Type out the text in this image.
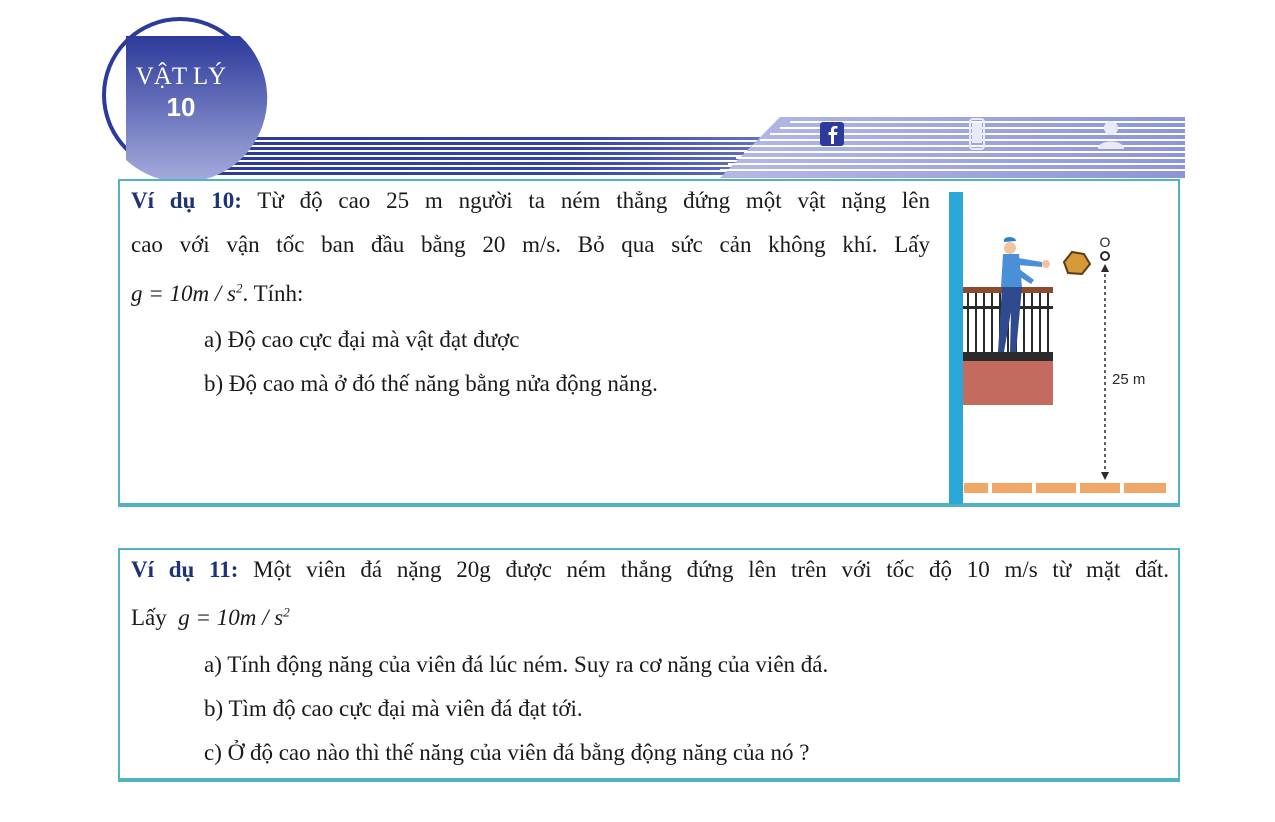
VẬT LÝ
10

Ví dụ 10: Từ độ cao 25 m người ta ném thẳng đứng một vật nặng lên

cao với vận tốc ban đầu bằng 20 m/s. Bỏ qua sức cản không khí. Lấy

$g = 10m / s^2$. Tính:

a) Độ cao cực đại mà vật đạt được

b) Độ cao mà ở đó thế năng bằng nửa động năng.

O
25 m

Ví dụ 11: Một viên đá nặng 20g được ném thẳng đứng lên trên với tốc độ 10 m/s từ mặt đất.

Lấy $g = 10m / s^2$

a) Tính động năng của viên đá lúc ném. Suy ra cơ năng của viên đá.

b) Tìm độ cao cực đại mà viên đá đạt tới.

c) Ở độ cao nào thì thế năng của viên đá bằng động năng của nó ?
